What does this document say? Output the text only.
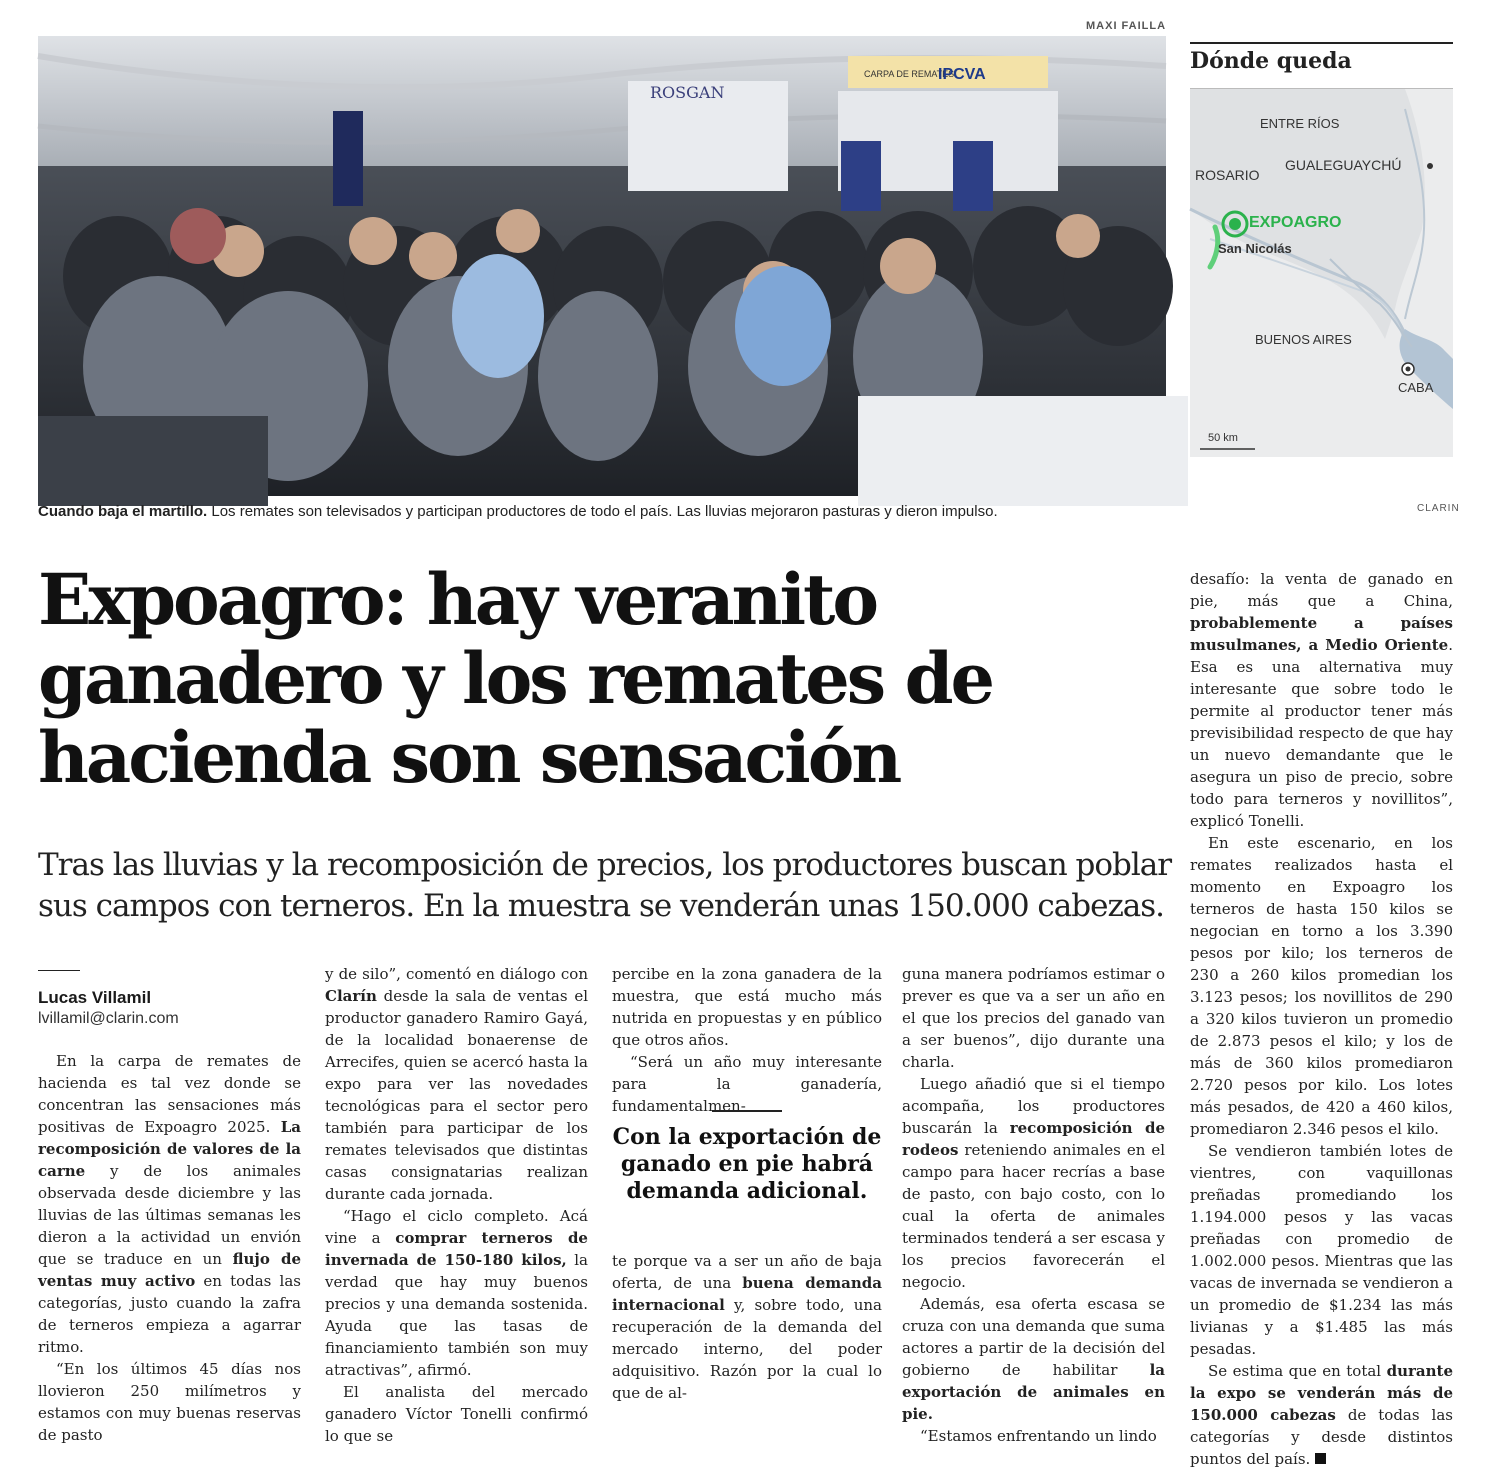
MAXI FAILLA
CARPA DE REMATES
IPCVA
ROSGAN
Cuando baja el martillo. Los remates son televisados y participan productores de todo el país. Las lluvias mejoraron pasturas y dieron impulso.
Dónde queda
ENTRE RÍOS
ROSARIO
GUALEGUAYCHÚ
EXPOAGRO
San Nicolás
BUENOS AIRES
CABA
50 km
CLARIN
Expoagro: hay veranito ganadero y los remates de hacienda son sensación
Tras las lluvias y la recomposición de precios, los productores buscan poblar sus campos con terneros. En la muestra se venderán unas 150.000 cabezas.
Lucas Villamil
lvillamil@clarin.com

En la carpa de remates de hacienda es tal vez donde se concentran las sensaciones más positivas de Expoagro 2025. La recomposición de valores de la carne y de los animales observada desde diciembre y las lluvias de las últimas semanas les dieron a la actividad un envión que se traduce en un flujo de ventas muy activo en todas las categorías, justo cuando la zafra de terneros empieza a agarrar ritmo.

“En los últimos 45 días nos llovieron 250 milímetros y estamos con muy buenas reservas de pasto

y de silo”, comentó en diálogo con Clarín desde la sala de ventas el productor ganadero Ramiro Gayá, de la localidad bonaerense de Arrecifes, quien se acercó hasta la expo para ver las novedades tecnológicas para el sector pero también para participar de los remates televisados que distintas casas consignatarias realizan durante cada jornada.

“Hago el ciclo completo. Acá vine a comprar terneros de invernada de 150-180 kilos, la verdad que hay muy buenos precios y una demanda sostenida. Ayuda que las tasas de financiamiento también son muy atractivas”, afirmó.

El analista del mercado ganadero Víctor Tonelli confirmó lo que se

percibe en la zona ganadera de la muestra, que está mucho más nutrida en propuestas y en público que otros años.

“Será un año muy interesante para la ganadería, fundamentalmen-

Con la exportación de ganado en pie habrá demanda adicional.

te porque va a ser un año de baja oferta, de una buena demanda internacional y, sobre todo, una recuperación de la demanda del mercado interno, del poder adquisitivo. Razón por la cual lo que de al-

guna manera podríamos estimar o prever es que va a ser un año en el que los precios del ganado van a ser buenos”, dijo durante una charla.

Luego añadió que si el tiempo acompaña, los productores buscarán la recomposición de rodeos reteniendo animales en el campo para hacer recrías a base de pasto, con bajo costo, con lo cual la oferta de animales terminados tenderá a ser escasa y los precios favorecerán el negocio.

Además, esa oferta escasa se cruza con una demanda que suma actores a partir de la decisión del gobierno de habilitar la exportación de animales en pie.

“Estamos enfrentando un lindo

desafío: la venta de ganado en pie, más que a China, probablemente a países musulmanes, a Medio Oriente. Esa es una alternativa muy interesante que sobre todo le permite al productor tener más previsibilidad respecto de que hay un nuevo demandante que le asegura un piso de precio, sobre todo para terneros y novillitos”, explicó Tonelli.

En este escenario, en los remates realizados hasta el momento en Expoagro los terneros de hasta 150 kilos se negocian en torno a los 3.390 pesos por kilo; los terneros de 230 a 260 kilos promedian los 3.123 pesos; los novillitos de 290 a 320 kilos tuvieron un promedio de 2.873 pesos el kilo; y los de más de 360 kilos promediaron 2.720 pesos por kilo. Los lotes más pesados, de 420 a 460 kilos, promediaron 2.346 pesos el kilo.

Se vendieron también lotes de vientres, con vaquillonas preñadas promediando los 1.194.000 pesos y las vacas preñadas con promedio de 1.002.000 pesos. Mientras que las vacas de invernada se vendieron a un promedio de $1.234 las más livianas y a $1.485 las más pesadas.

Se estima que en total durante la expo se venderán más de 150.000 cabezas de todas las categorías y desde distintos puntos del país.
